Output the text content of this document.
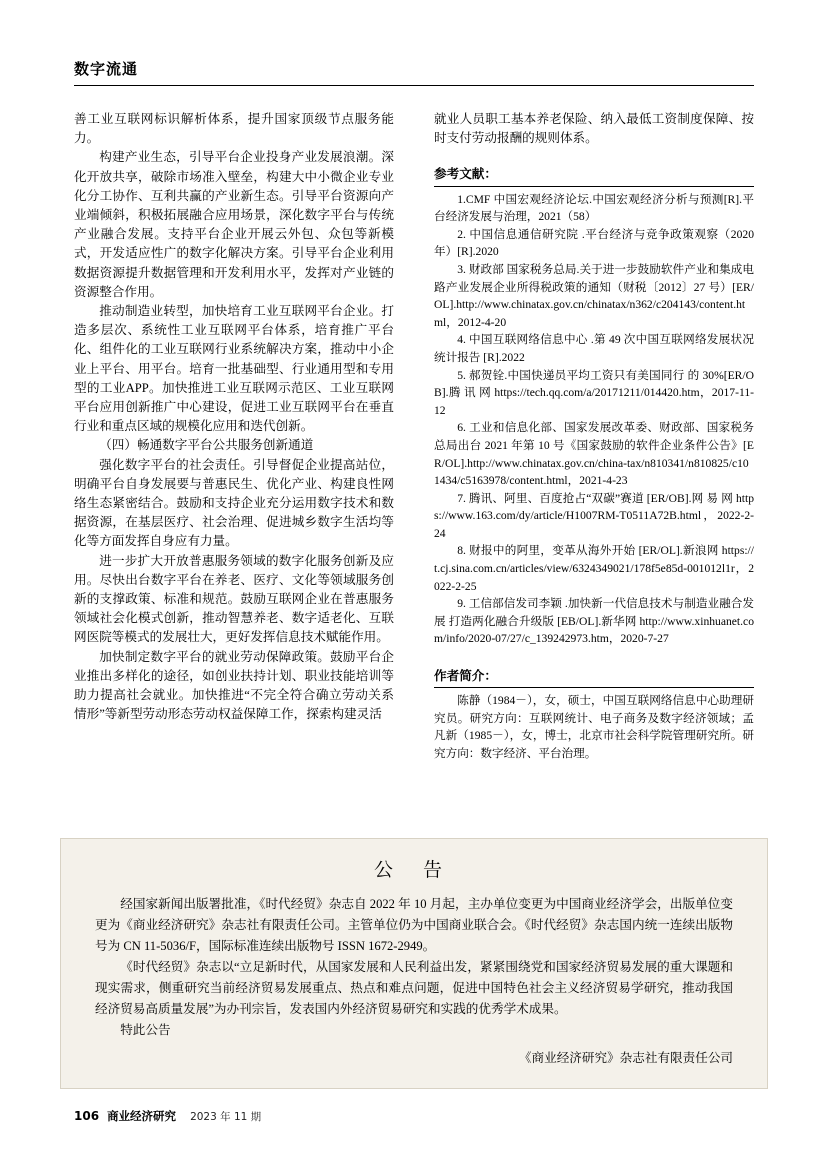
数字流通

善工业互联网标识解析体系，提升国家顶级节点服务能力。

构建产业生态，引导平台企业投身产业发展浪潮。深化开放共享，破除市场准入壁垒，构建大中小微企业专业化分工协作、互利共赢的产业新生态。引导平台资源向产业端倾斜，积极拓展融合应用场景，深化数字平台与传统产业融合发展。支持平台企业开展云外包、众包等新模式，开发适应性广的数字化解决方案。引导平台企业利用数据资源提升数据管理和开发利用水平，发挥对产业链的资源整合作用。

推动制造业转型，加快培育工业互联网平台企业。打造多层次、系统性工业互联网平台体系，培育推广平台化、组件化的工业互联网行业系统解决方案，推动中小企业上平台、用平台。培育一批基础型、行业通用型和专用型的工业APP。加快推进工业互联网示范区、工业互联网平台应用创新推广中心建设，促进工业互联网平台在垂直行业和重点区域的规模化应用和迭代创新。

（四）畅通数字平台公共服务创新通道

强化数字平台的社会责任。引导督促企业提高站位，明确平台自身发展要与普惠民生、优化产业、构建良性网络生态紧密结合。鼓励和支持企业充分运用数字技术和数据资源，在基层医疗、社会治理、促进城乡数字生活均等化等方面发挥自身应有力量。

进一步扩大开放普惠服务领域的数字化服务创新及应用。尽快出台数字平台在养老、医疗、文化等领域服务创新的支撑政策、标准和规范。鼓励互联网企业在普惠服务领域社会化模式创新，推动智慧养老、数字适老化、互联网医院等模式的发展壮大，更好发挥信息技术赋能作用。

加快制定数字平台的就业劳动保障政策。鼓励平台企业推出多样化的途径，如创业扶持计划、职业技能培训等助力提高社会就业。加快推进“不完全符合确立劳动关系情形”等新型劳动形态劳动权益保障工作，探索构建灵活

就业人员职工基本养老保险、纳入最低工资制度保障、按时支付劳动报酬的规则体系。

参考文献：

1.CMF 中国宏观经济论坛.中国宏观经济分析与预测[R].平台经济发展与治理，2021（58）

2. 中国信息通信研究院 .平台经济与竞争政策观察（2020 年）[R].2020

3. 财政部 国家税务总局.关于进一步鼓励软件产业和集成电路产业发展企业所得税政策的通知（财税〔2012〕27 号）[ER/OL].http://www.chinatax.gov.cn/chinatax/n362/c204143/content.html，2012-4-20

4. 中国互联网络信息中心 .第 49 次中国互联网络发展状况统计报告 [R].2022

5. 郝贺铨.中国快递员平均工资只有美国同行 的 30%[ER/OB].腾 讯 网 https://tech.qq.com/a/20171211/014420.htm，2017-11-12

6. 工业和信息化部、国家发展改革委、财政部、国家税务总局出台 2021 年第 10 号《国家鼓励的软件企业条件公告》[ER/OL].http://www.chinatax.gov.cn/china-tax/n810341/n810825/c101434/c5163978/content.html，2021-4-23

7. 腾讯、阿里、百度抢占“双碳”赛道 [ER/OB].网 易 网 https://www.163.com/dy/article/H1007RM-T0511A72B.html，2022-2-24

8. 财报中的阿里，变革从海外开始 [ER/OL].新浪网 https://t.cj.sina.com.cn/articles/view/6324349021/178f5e85d-001012l1r，2022-2-25

9. 工信部信发司李颖 .加快新一代信息技术与制造业融合发展 打造两化融合升级版 [EB/OL].新华网 http://www.xinhuanet.com/info/2020-07/27/c_139242973.htm，2020-7-27

作者简介：

陈静（1984－），女，硕士，中国互联网络信息中心助理研究员。研究方向：互联网统计、电子商务及数字经济领域；孟凡新（1985－），女，博士，北京市社会科学院管理研究所。研究方向：数字经济、平台治理。

公 告

经国家新闻出版署批准，《时代经贸》杂志自 2022 年 10 月起，主办单位变更为中国商业经济学会，出版单位变更为《商业经济研究》杂志社有限责任公司。主管单位仍为中国商业联合会。《时代经贸》杂志国内统一连续出版物号为 CN 11-5036/F，国际标准连续出版物号 ISSN 1672-2949。

《时代经贸》杂志以“立足新时代，从国家发展和人民利益出发，紧紧围绕党和国家经济贸易发展的重大课题和现实需求，侧重研究当前经济贸易发展重点、热点和难点问题，促进中国特色社会主义经济贸易学研究，推动我国经济贸易高质量发展”为办刊宗旨，发表国内外经济贸易研究和实践的优秀学术成果。

特此公告

《商业经济研究》杂志社有限责任公司
106 商业经济研究 2023 年 11 期
